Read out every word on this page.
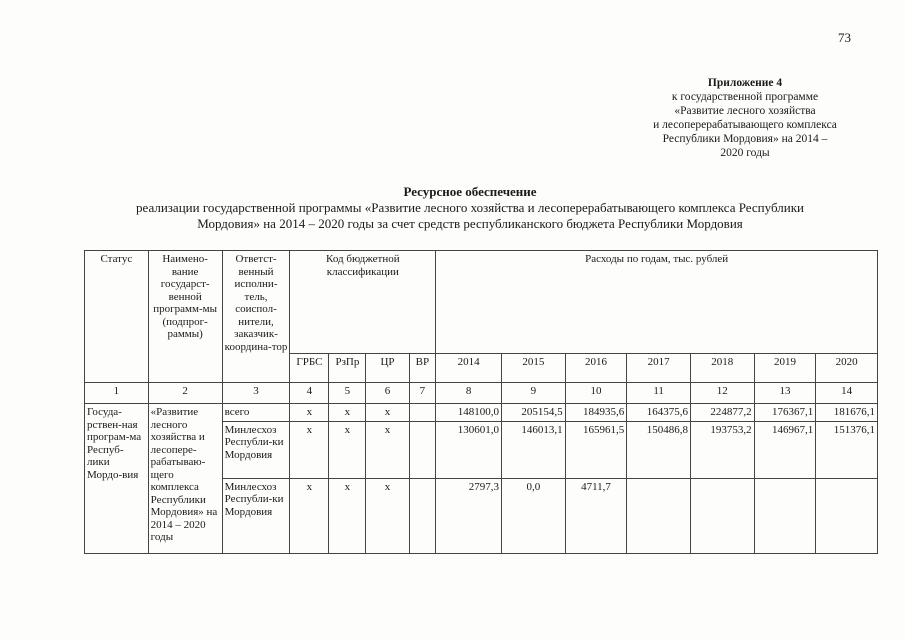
73
Приложение 4
к государственной программе
«Развитие лесного хозяйства
и лесоперерабатывающего комплекса
Республики Мордовия» на 2014 –
2020 годы
Ресурсное обеспечение
реализации государственной программы «Развитие лесного хозяйства и лесоперерабатывающего комплекса Республики
Мордовия» на 2014 – 2020 годы за счет средств республиканского бюджета Республики Мордовия
Статус	Наимено-вание государст-венной программ-мы (подпрог-раммы)	Ответст-венный исполни-тель, соиспол-нители, заказчик-координа-тор	Код бюджетной классификации				Расходы по годам, тыс. рублей						
			ГРБС	РзПр	ЦР	ВР	2014	2015	2016	2017	2018	2019	2020
1	2	3	4	5	6	7	8	9	10	11	12	13	14
Госуда-рствен-ная програм-ма Респуб-лики Мордо-вия	«Развитие лесного хозяйства и лесопере-рабатываю-щего комплекса Республики Мордовия» на 2014 – 2020 годы	всего	х	х	х		148100,0	205154,5	184935,6	164375,6	224877,2	176367,1	181676,1
		Минлесхоз Республи-ки Мордовия	х	х	х		130601,0	146013,1	165961,5	150486,8	193753,2	146967,1	151376,1
		Минлесхоз Республи-ки Мордовия	х	х	х		2797,3	0,0	4711,7				
